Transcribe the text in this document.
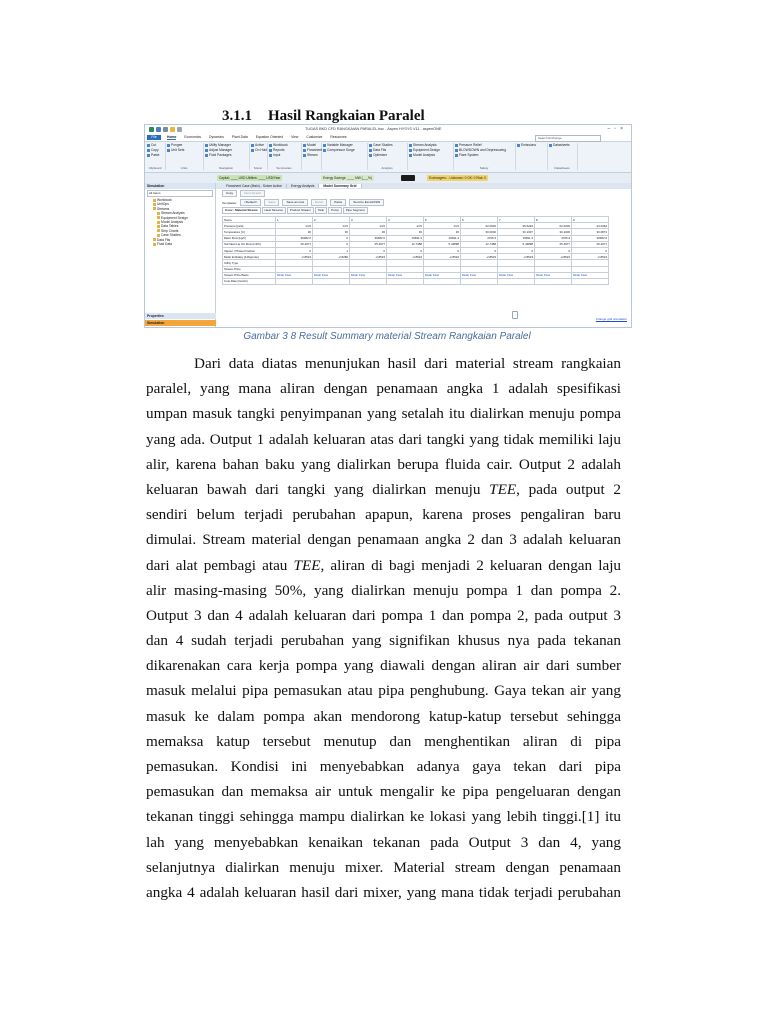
3.1.1 Hasil Rangkaian Paralel
TUGAS BKD CFD RANGKAIAN PARALEL.hsc - Aspen HYSYS V11 - aspenONE	–▫×
File	Home Economics Dynamics Plant Data Equation Oriented View Customize Resources	Search Exchange
Cut
Copy
Paste
Clipboard
Pongee
Unit Sets
Units
Utility Manager
Adjust Manager
Fluid Packages
Navigation
Active
On Hold
Solver
Workbook
Reports
Input
Summaries
Model
Flowsheet
Stream
Variable Manager
Compressor Surge
Case Studies
Data Fits
Optimizer
Analysis
Stream Analysis
Equipment Design
Model Analysis
Pressure Relief
BLOWDOWN and Depressuring
Flare System
Safety
Emissions	Datasheets
Datasheets
Capital: ____ USD Utilities: ____ USD/Year	Energy Savings: ____ MW (___%)	Exchangers: - Unknown: 0 OK: 0 Risk: 0
Simulation
All Items
Workbook
UnitOps
Streams
Stream Analysis
Equipment Design
Model Analysis
Data Tables
Strip Charts
Case Studies
Data Fits
Fluid Data
Properties
Simulation
Flowsheet Case (Main) - Solver Active	Energy Analysis	Model Summary Grid
Copy	Don't Export
Templates:	<Default>	Save	Save as new	Reset	Paste	Send to Excel/ASW
Conv - Material Stream	Heat Streams	Product Stream	Tank	Pump	Pipe Segment
Name	1	2	3	4	5	6	7	8	9
Pressure [psia]	14.5	14.5	14.5	14.5	14.5	62.0000	35.6294	62.0000	44.0364
Temperature [C]	30	30	30	30	30	30.0000	30.1307	30.1000	30.0874
Mass Flow [kg/h]	39382.6	0	39382.6	19691.3	19691.3	4705.3	19691.3	4705.3	39382.6
Std Ideal Liq Vol Flow [m3/h]	25.4977	0	25.4977	12.7488	5.43898	12.7488	5.43898	25.4977	25.4977
Vapour / Phase Fraction	0	1	0	0	0	0	0	0	0
Molar Enthalpy [kJ/kgmole]	-2.8523	-2.8286	-2.8523	-2.8523	-2.8523	-2.8523	-2.8523	-2.8523	-2.8523
Utility Type									
Stream Price									
Stream Price Basis	Molar Flow	Molar Flow	Molar Flow	Molar Flow	Molar Flow	Molar Flow	Molar Flow	Molar Flow	Molar Flow
Cost Rate [Cost/s]									
Change grid orientation
Gambar 3 8 Result Summary material Stream Rangkaian Paralel
Dari data diatas menunjukan hasil dari material stream rangkaian
paralel, yang mana aliran dengan penamaan angka 1 adalah spesifikasi
umpan masuk tangki penyimpanan yang setalah itu dialirkan menuju pompa
yang ada. Output 1 adalah keluaran atas dari tangki yang tidak memiliki laju
alir, karena bahan baku yang dialirkan berupa fluida cair. Output 2 adalah
keluaran bawah dari tangki yang dialirkan menuju TEE, pada output 2
sendiri belum terjadi perubahan apapun, karena proses pengaliran baru
dimulai. Stream material dengan penamaan angka 2 dan 3 adalah keluaran
dari alat pembagi atau TEE, aliran di bagi menjadi 2 keluaran dengan laju
alir masing-masing 50%, yang dialirkan menuju pompa 1 dan pompa 2.
Output 3 dan 4 adalah keluaran dari pompa 1 dan pompa 2, pada output 3
dan 4 sudah terjadi perubahan yang signifikan khusus nya pada tekanan
dikarenakan cara kerja pompa yang diawali dengan aliran air dari sumber
masuk melalui pipa pemasukan atau pipa penghubung. Gaya tekan air yang
masuk ke dalam pompa akan mendorong katup-katup tersebut sehingga
memaksa katup tersebut menutup dan menghentikan aliran di pipa
pemasukan. Kondisi ini menyebabkan adanya gaya tekan dari pipa
pemasukan dan memaksa air untuk mengalir ke pipa pengeluaran dengan
tekanan tinggi sehingga mampu dialirkan ke lokasi yang lebih tinggi.[1] itu
lah yang menyebabkan kenaikan tekanan pada Output 3 dan 4, yang
selanjutnya dialirkan menuju mixer. Material stream dengan penamaan
angka 4 adalah keluaran hasil dari mixer, yang mana tidak terjadi perubahan
